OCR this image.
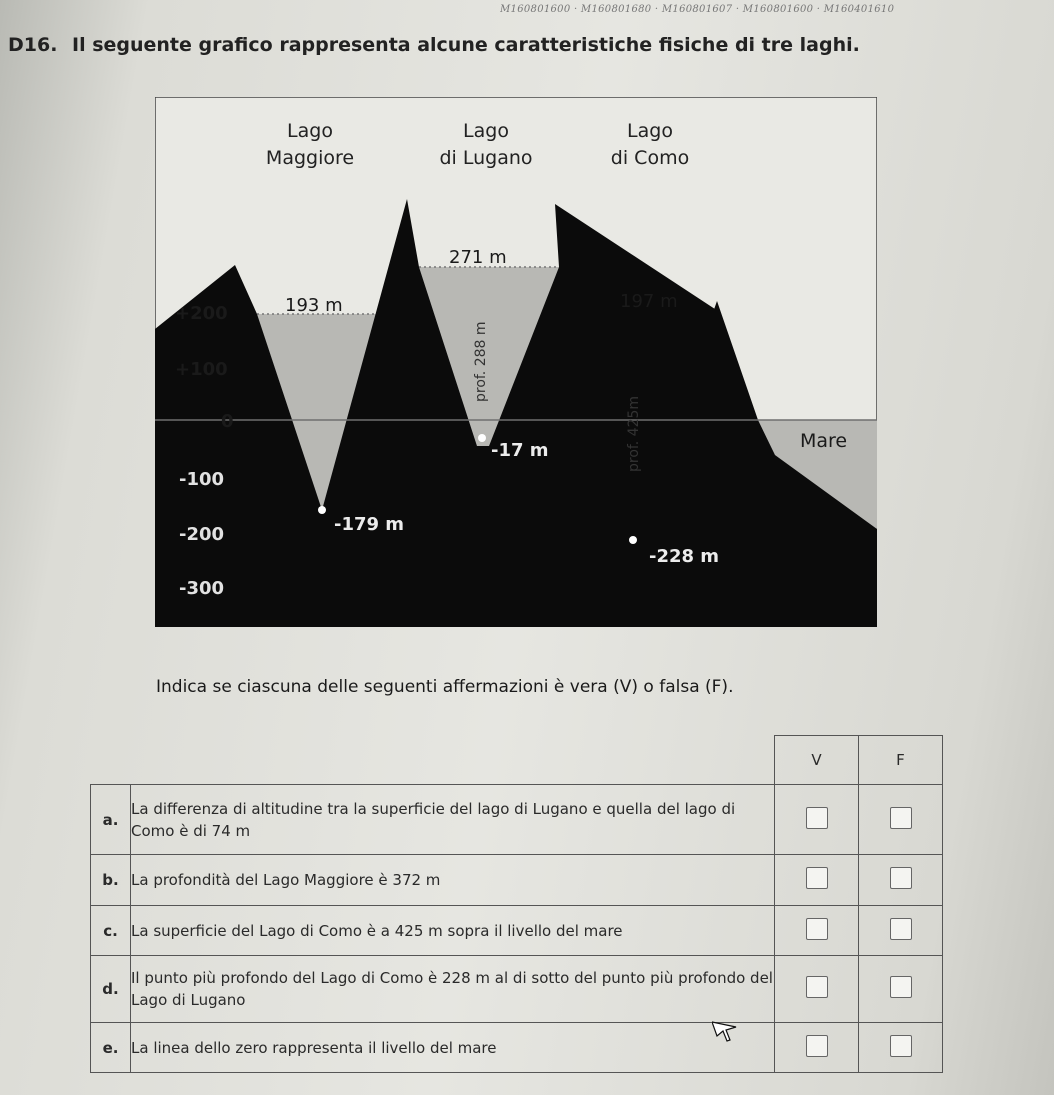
M160801600 · M160801680 · M160801607 · M160801600 · M160401610
D16. Il seguente grafico rappresenta alcune caratteristiche fisiche di tre laghi.
Lago
Maggiore
Lago
di Lugano
Lago
di Como
+200
+100
0
-100
-200
-300
193 m
271 m
197 m
prof. 288 m
prof. 425m
-179 m
-17 m
-228 m
Mare
Indica se ciascuna delle seguenti affermazioni è vera (V) o falsa (F).
		V	F
a.	La differenza di altitudine tra la superficie del lago di Lugano e quella del lago di Como è di 74 m		
b.	La profondità del Lago Maggiore è 372 m		
c.	La superficie del Lago di Como è a 425 m sopra il livello del mare		
d.	Il punto più profondo del Lago di Como è 228 m al di sotto del punto più profondo del Lago di Lugano		
e.	La linea dello zero rappresenta il livello del mare		
